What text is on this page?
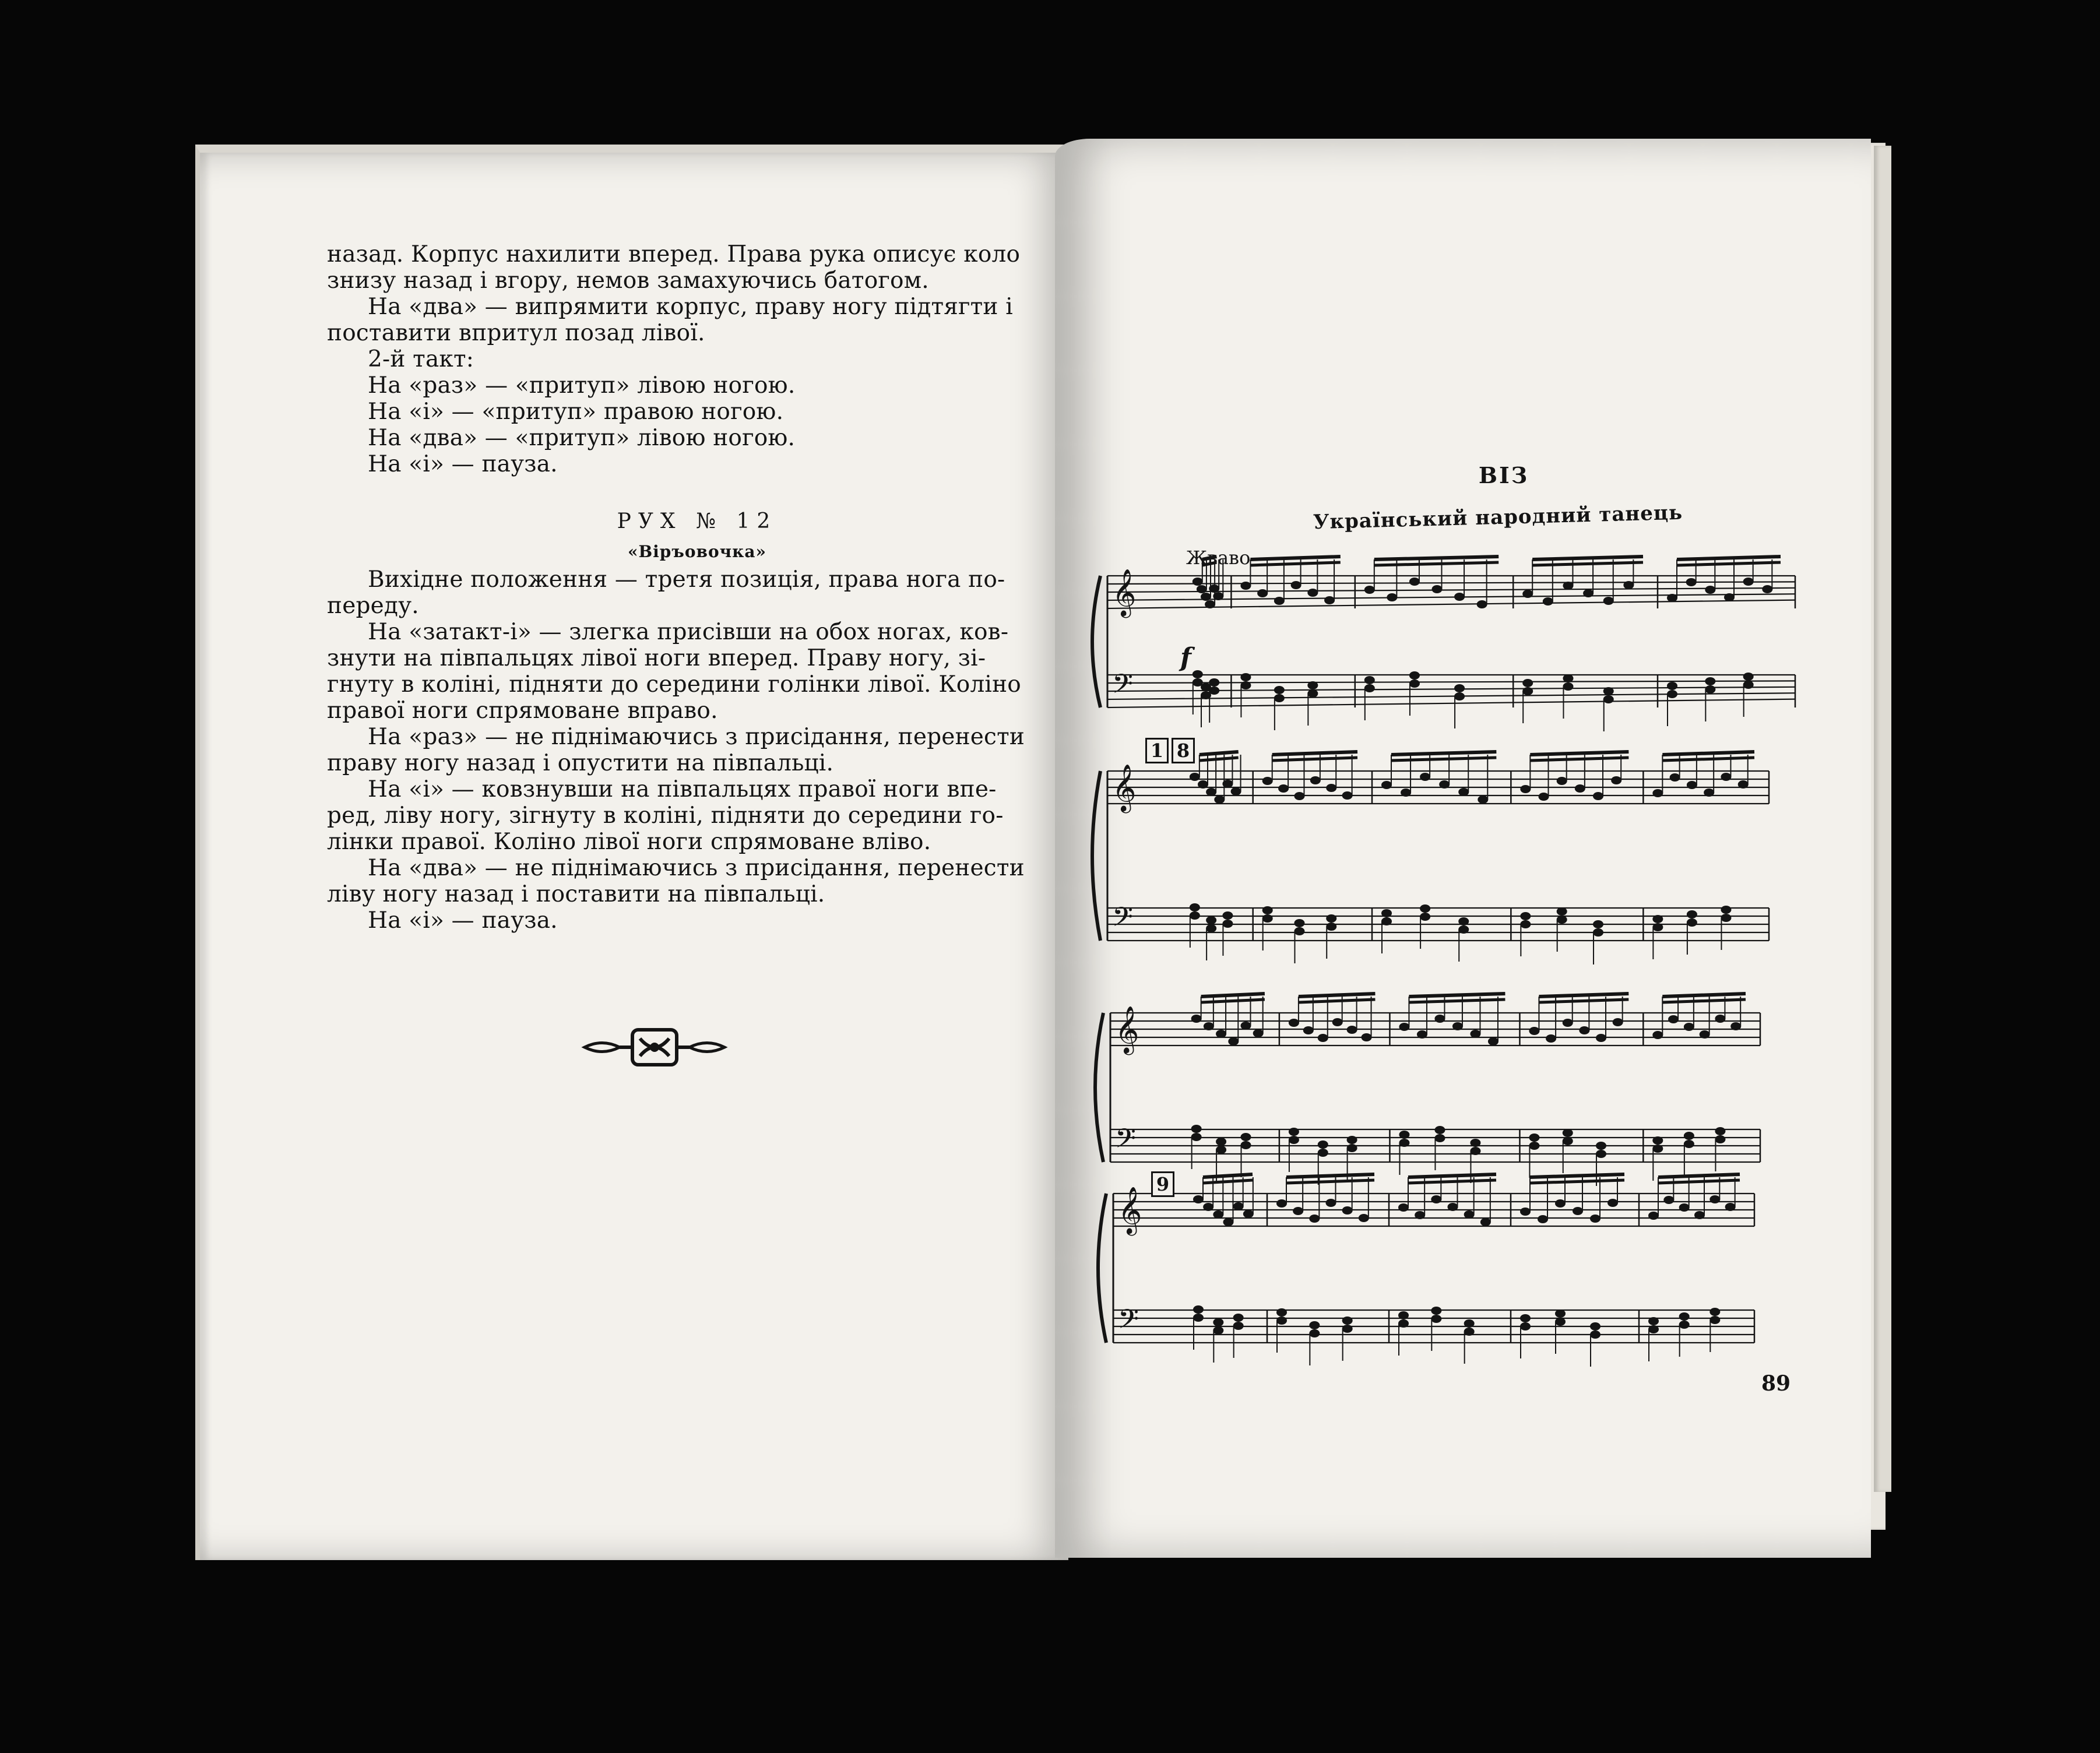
назад. Корпус нахилити вперед. Права рука описує коло

знизу назад і вгору, немов замахуючись батогом.

На «два» — випрямити корпус, праву ногу підтягти і

поставити впритул позад лівої.

2-й такт:

На «раз» — «притуп» лівою ногою.

На «і» — «притуп» правою ногою.

На «два» — «притуп» лівою ногою.

На «і» — пауза.

РУХ № 12
«Віръовочка»

Вихідне положення — третя позиція, права нога по-

переду.

На «затакт-і» — злегка присівши на обох ногах, ков-

знути на півпальцях лівої ноги вперед. Праву ногу, зі-

гнуту в коліні, підняти до середини голінки лівої. Коліно

правої ноги спрямоване вправо.

На «раз» — не піднімаючись з присідання, перенести

праву ногу назад і опустити на півпальці.

На «і» — ковзнувши на півпальцях правої ноги впе-

ред, ліву ногу, зігнуту в коліні, підняти до середини го-

лінки правої. Коліно лівої ноги спрямоване вліво.

На «два» — не піднімаючись з присідання, перенести

ліву ногу назад і поставити на півпальці.

На «і» — пауза.

ВІЗ
Український народний танець
Жваво
𝄞
𝄢
𝄞
𝄢
𝄞
𝄢
𝄞
𝄢
1 8
9
f
89
